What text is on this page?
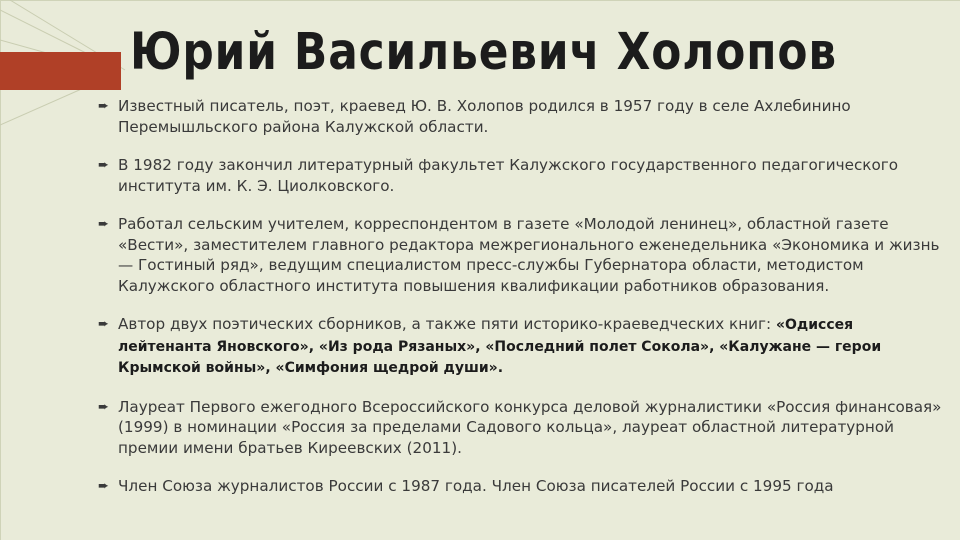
Юрий Васильевич Холопов
➨ Известный писатель, поэт, краевед Ю. В. Холопов родился в 1957 году в селе Ахлебинино Перемышльского района Калужской области.
➨ В 1982 году закончил литературный факультет Калужского государственного педагогического института им. К. Э. Циолковского.
➨ Работал сельским учителем, корреспондентом в газете «Молодой ленинец», областной газете «Вести», заместителем главного редактора межрегионального еженедельника «Экономика и жизнь — Гостиный ряд», ведущим специалистом пресс-службы Губернатора области, методистом Калужского областного института повышения квалификации работников образования.
➨ Автор двух поэтических сборников, а также пяти историко-краеведческих книг: «Одиссея лейтенанта Яновского», «Из рода Рязаных», «Последний полет Сокола», «Калужане — герои Крымской войны», «Симфония щедрой души».
➨ Лауреат Первого ежегодного Всероссийского конкурса деловой журналистики «Россия финансовая» (1999) в номинации «Россия за пределами Садового кольца», лауреат областной литературной премии имени братьев Киреевских (2011).
➨ Член Союза журналистов России с 1987 года. Член Союза писателей России с 1995 года
